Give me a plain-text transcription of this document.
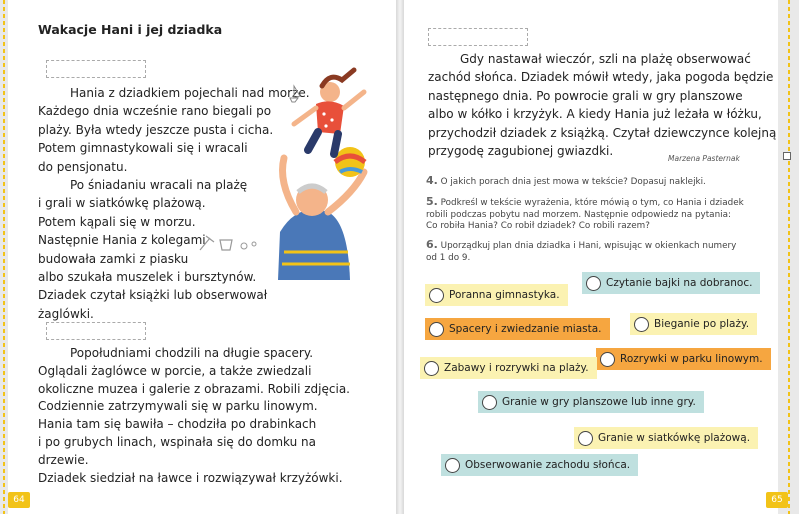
Wakacje Hani i jej dziadka
Hania z dziadkiem pojechali nad morze.
Każdego dnia wcześnie rano biegali po
plaży. Była wtedy jeszcze pusta i cicha.
Potem gimnastykowali się i wracali
do pensjonatu.
Po śniadaniu wracali na plażę
i grali w siatkówkę plażową.
Potem kąpali się w morzu.
Następnie Hania z kolegami
budowała zamki z piasku
albo szukała muszelek i bursztynów.
Dziadek czytał książki lub obserwował
żaglówki.
Popołudniami chodzili na długie spacery.
Oglądali żaglówce w porcie, a także zwiedzali
okoliczne muzea i galerie z obrazami. Robili zdjęcia.
Codziennie zatrzymywali się w parku linowym.
Hania tam się bawiła – chodziła po drabinkach
i po grubych linach, wspinała się do domku na
drzewie.
Dziadek siedział na ławce i rozwiązywał krzyżówki.
64
Gdy nastawał wieczór, szli na plażę obserwować
zachód słońca. Dziadek mówił wtedy, jaka pogoda będzie
następnego dnia. Po powrocie grali w gry planszowe
albo w kółko i krzyżyk. A kiedy Hania już leżała w łóżku,
przychodził dziadek z książką. Czytał dziewczynce kolejną
przygodę zagubionej gwiazdki.
Marzena Pasternak
4. O jakich porach dnia jest mowa w tekście? Dopasuj naklejki.
5. Podkreśl w tekście wyrażenia, które mówią o tym, co Hania i dziadek
robili podczas pobytu nad morzem. Następnie odpowiedz na pytania:
Co robiła Hania? Co robił dziadek? Co robili razem?
6. Uporządkuj plan dnia dziadka i Hani, wpisując w okienkach numery
od 1 do 9.
Czytanie bajki na dobranoc.
Poranna gimnastyka.
Spacery i zwiedzanie miasta.	Bieganie po plaży.
Rozrywki w parku linowym.
Zabawy i rozrywki na plaży.
Granie w gry planszowe lub inne gry.
Granie w siatkówkę plażową.
Obserwowanie zachodu słońca.
65
